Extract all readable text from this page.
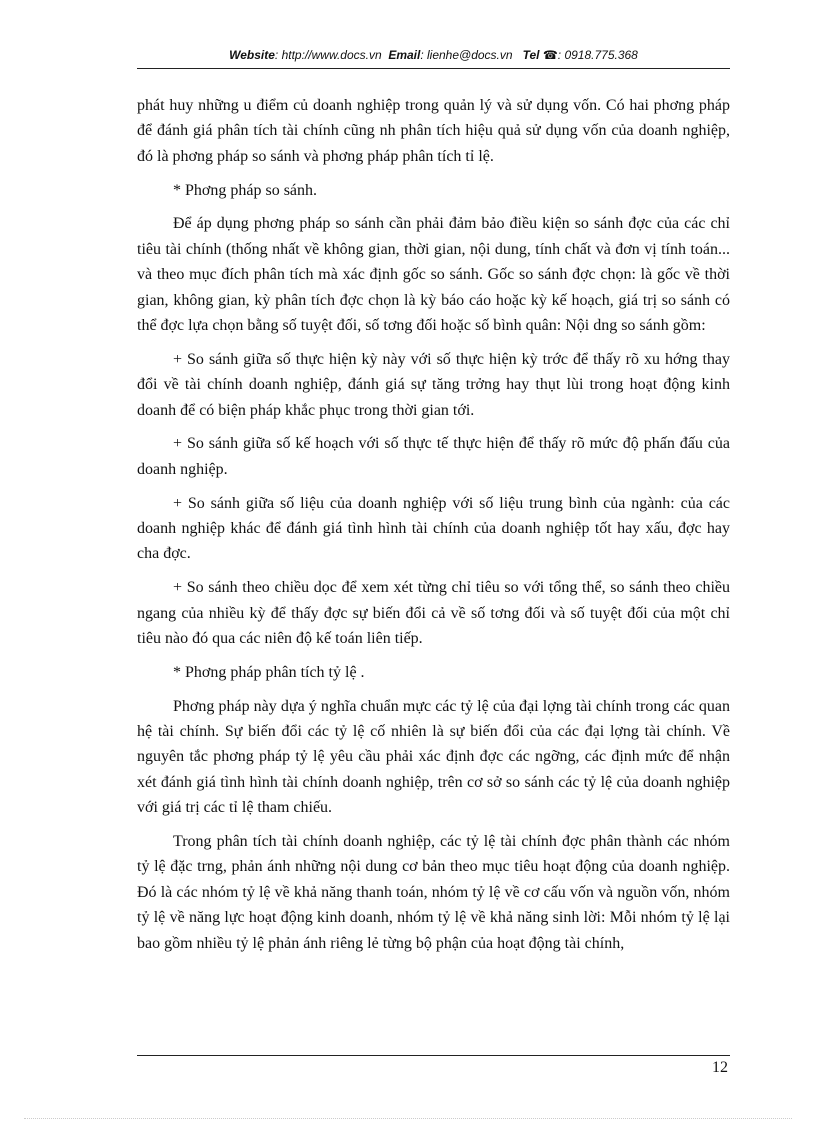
Website: http://www.docs.vn Email: lienhe@docs.vn Tel ☎: 0918.775.368

phát huy những u điểm củ doanh nghiệp trong quản lý và sử dụng vốn. Có hai phơng pháp để đánh giá phân tích tài chính cũng nh phân tích hiệu quả sử dụng vốn của doanh nghiệp, đó là phơng pháp so sánh và phơng pháp phân tích tỉ lệ.

* Phơng pháp so sánh.

Để áp dụng phơng pháp so sánh cần phải đảm bảo điều kiện so sánh đợc của các chỉ tiêu tài chính (thống nhất về không gian, thời gian, nội dung, tính chất và đơn vị tính toán... và theo mục đích phân tích mà xác định gốc so sánh. Gốc so sánh đợc chọn: là gốc về thời gian, không gian, kỳ phân tích đợc chọn là kỳ báo cáo hoặc kỳ kế hoạch, giá trị so sánh có thể đợc lựa chọn bằng số tuyệt đối, số tơng đối hoặc số bình quân: Nội dng so sánh gồm:

+ So sánh giữa số thực hiện kỳ này với số thực hiện kỳ trớc để thấy rõ xu hớng thay đổi về tài chính doanh nghiệp, đánh giá sự tăng trởng hay thụt lùi trong hoạt động kinh doanh để có biện pháp khắc phục trong thời gian tới.

+ So sánh giữa số kế hoạch với số thực tế thực hiện để thấy rõ mức độ phấn đấu của doanh nghiệp.

+ So sánh giữa số liệu của doanh nghiệp với số liệu trung bình của ngành: của các doanh nghiệp khác để đánh giá tình hình tài chính của doanh nghiệp tốt hay xấu, đợc hay cha đợc.

+ So sánh theo chiều dọc để xem xét từng chỉ tiêu so với tổng thể, so sánh theo chiều ngang của nhiều kỳ để thấy đợc sự biến đổi cả về số tơng đối và số tuyệt đối của một chỉ tiêu nào đó qua các niên độ kế toán liên tiếp.

* Phơng pháp phân tích tỷ lệ .

Phơng pháp này dựa ý nghĩa chuẩn mực các tỷ lệ của đại lợng tài chính trong các quan hệ tài chính. Sự biến đổi các tỷ lệ cố nhiên là sự biến đổi của các đại lợng tài chính. Về nguyên tắc phơng pháp tỷ lệ yêu cầu phải xác định đợc các ngỡng, các định mức để nhận xét đánh giá tình hình tài chính doanh nghiệp, trên cơ sở so sánh các tỷ lệ của doanh nghiệp với giá trị các tỉ lệ tham chiếu.

Trong phân tích tài chính doanh nghiệp, các tỷ lệ tài chính đợc phân thành các nhóm tỷ lệ đặc trng, phản ánh những nội dung cơ bản theo mục tiêu hoạt động của doanh nghiệp. Đó là các nhóm tỷ lệ về khả năng thanh toán, nhóm tỷ lệ về cơ cấu vốn và nguồn vốn, nhóm tỷ lệ về năng lực hoạt động kinh doanh, nhóm tỷ lệ về khả năng sinh lời: Mỗi nhóm tỷ lệ lại bao gồm nhiều tỷ lệ phản ánh riêng lẻ từng bộ phận của hoạt động tài chính,

12
